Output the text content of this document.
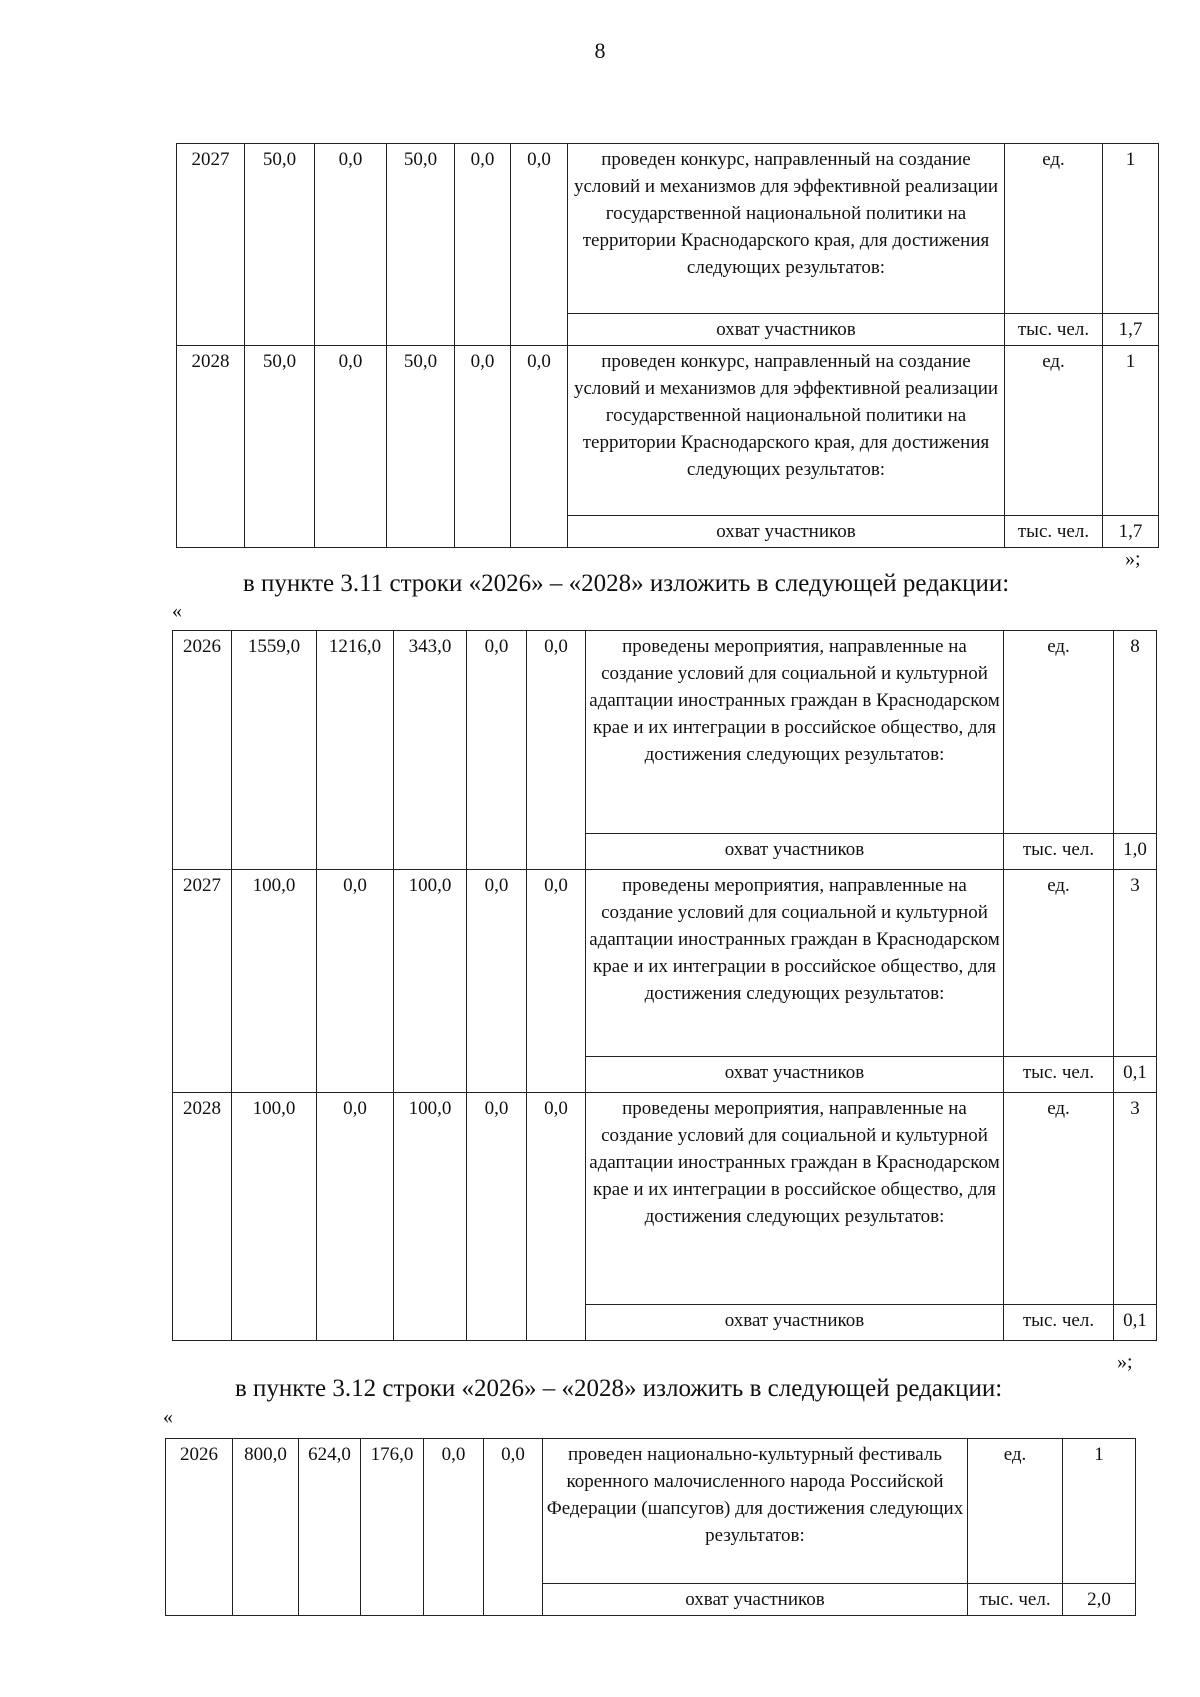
8
2027	50,0	0,0	50,0	0,0	0,0	проведен конкурс, направленный на создание условий и механизмов для эффективной реализации государственной национальной политики на территории Краснодарского края, для достижения следующих результатов:	ед.	1
						охват участников	тыс. чел.	1,7
2028	50,0	0,0	50,0	0,0	0,0	проведен конкурс, направленный на создание условий и механизмов для эффективной реализации государственной национальной политики на территории Краснодарского края, для достижения следующих результатов:	ед.	1
						охват участников	тыс. чел.	1,7
»;
в пункте 3.11 строки «2026» – «2028» изложить в следующей редакции:
«
2026	1559,0	1216,0	343,0	0,0	0,0	проведены мероприятия, направленные на создание условий для социальной и культурной адаптации иностранных граждан в Краснодарском крае и их интеграции в российское общество, для достижения следующих результатов:	ед.	8
						охват участников	тыс. чел.	1,0
2027	100,0	0,0	100,0	0,0	0,0	проведены мероприятия, направленные на создание условий для социальной и культурной адаптации иностранных граждан в Краснодарском крае и их интеграции в российское общество, для достижения следующих результатов:	ед.	3
						охват участников	тыс. чел.	0,1
2028	100,0	0,0	100,0	0,0	0,0	проведены мероприятия, направленные на создание условий для социальной и культурной адаптации иностранных граждан в Краснодарском крае и их интеграции в российское общество, для достижения следующих результатов:	ед.	3
						охват участников	тыс. чел.	0,1
»;
в пункте 3.12 строки «2026» – «2028» изложить в следующей редакции:
«
2026	800,0	624,0	176,0	0,0	0,0	проведен национально-культурный фестиваль коренного малочисленного народа Российской Федерации (шапсугов) для достижения следующих результатов:	ед.	1
						охват участников	тыс. чел.	2,0
